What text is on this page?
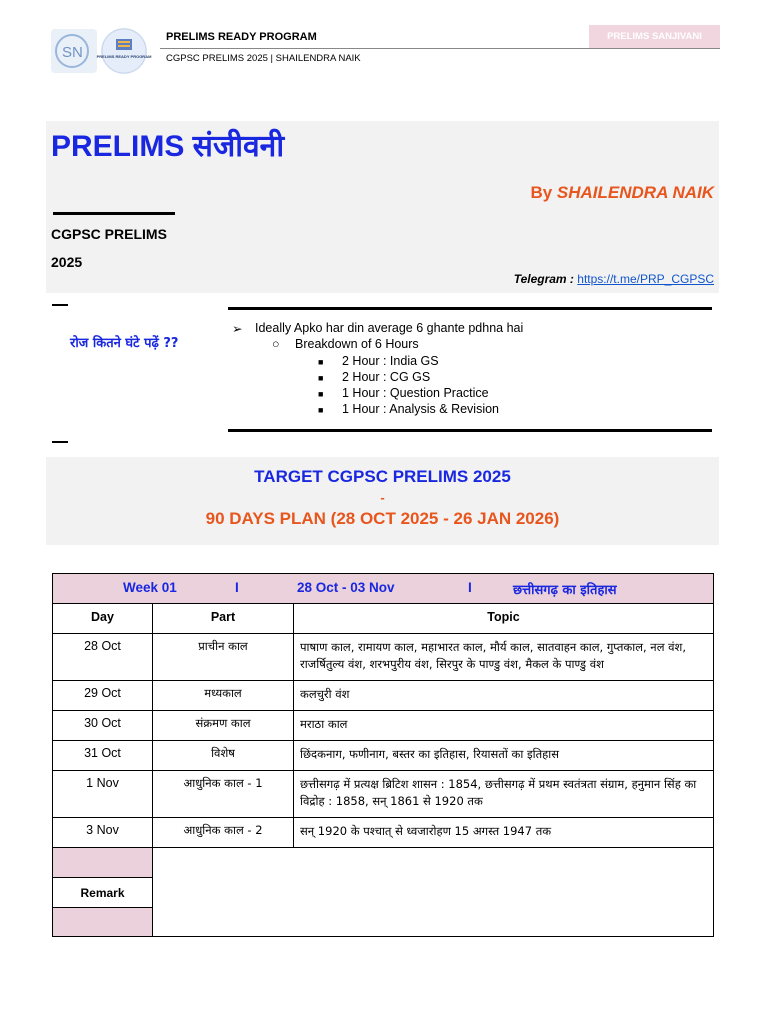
SN	PRELIMS READY PROGRAM
PRELIMS READY PROGRAM
CGPSC PRELIMS 2025 | SHAILENDRA NAIK
PRELIMS SANJIVANI
PRELIMS संजीवनी
By SHAILENDRA NAIK
CGPSC PRELIMS
2025
Telegram : https://t.me/PRP_CGPSC
रोज कितने घंटे पढ़ें ??
➢ Ideally Apko har din average 6 ghante pdhna hai
○ Breakdown of 6 Hours
■ 2 Hour : India GS
■ 2 Hour : CG GS
■ 1 Hour : Question Practice
■ 1 Hour : Analysis & Revision
TARGET CGPSC PRELIMS 2025
-
90 DAYS PLAN (28 OCT 2025 - 26 JAN 2026)
Week 01	I	28 Oct - 03 Nov	I	छत्तीसगढ़ का इतिहास
Day	Part	Topic
28 Oct	प्राचीन काल	पाषाण काल, रामायण काल, महाभारत काल, मौर्य काल, सातवाहन काल, गुप्तकाल, नल वंश, राजर्षितुल्य वंश, शरभपुरीय वंश, सिरपुर के पाण्डु वंश, मैकल के पाण्डु वंश
29 Oct	मध्यकाल	कलचुरी वंश
30 Oct	संक्रमण काल	मराठा काल
31 Oct	विशेष	छिंदकनाग, फणीनाग, बस्तर का इतिहास, रियासतों का इतिहास
1 Nov	आधुनिक काल - 1	छत्तीसगढ़ में प्रत्यक्ष ब्रिटिश शासन : 1854, छत्तीसगढ़ में प्रथम स्वतंत्रता संग्राम, हनुमान सिंह का विद्रोह : 1858, सन् 1861 से 1920 तक
3 Nov	आधुनिक काल - 2	सन् 1920 के पश्चात् से ध्वजारोहण 15 अगस्त 1947 तक
Remark
